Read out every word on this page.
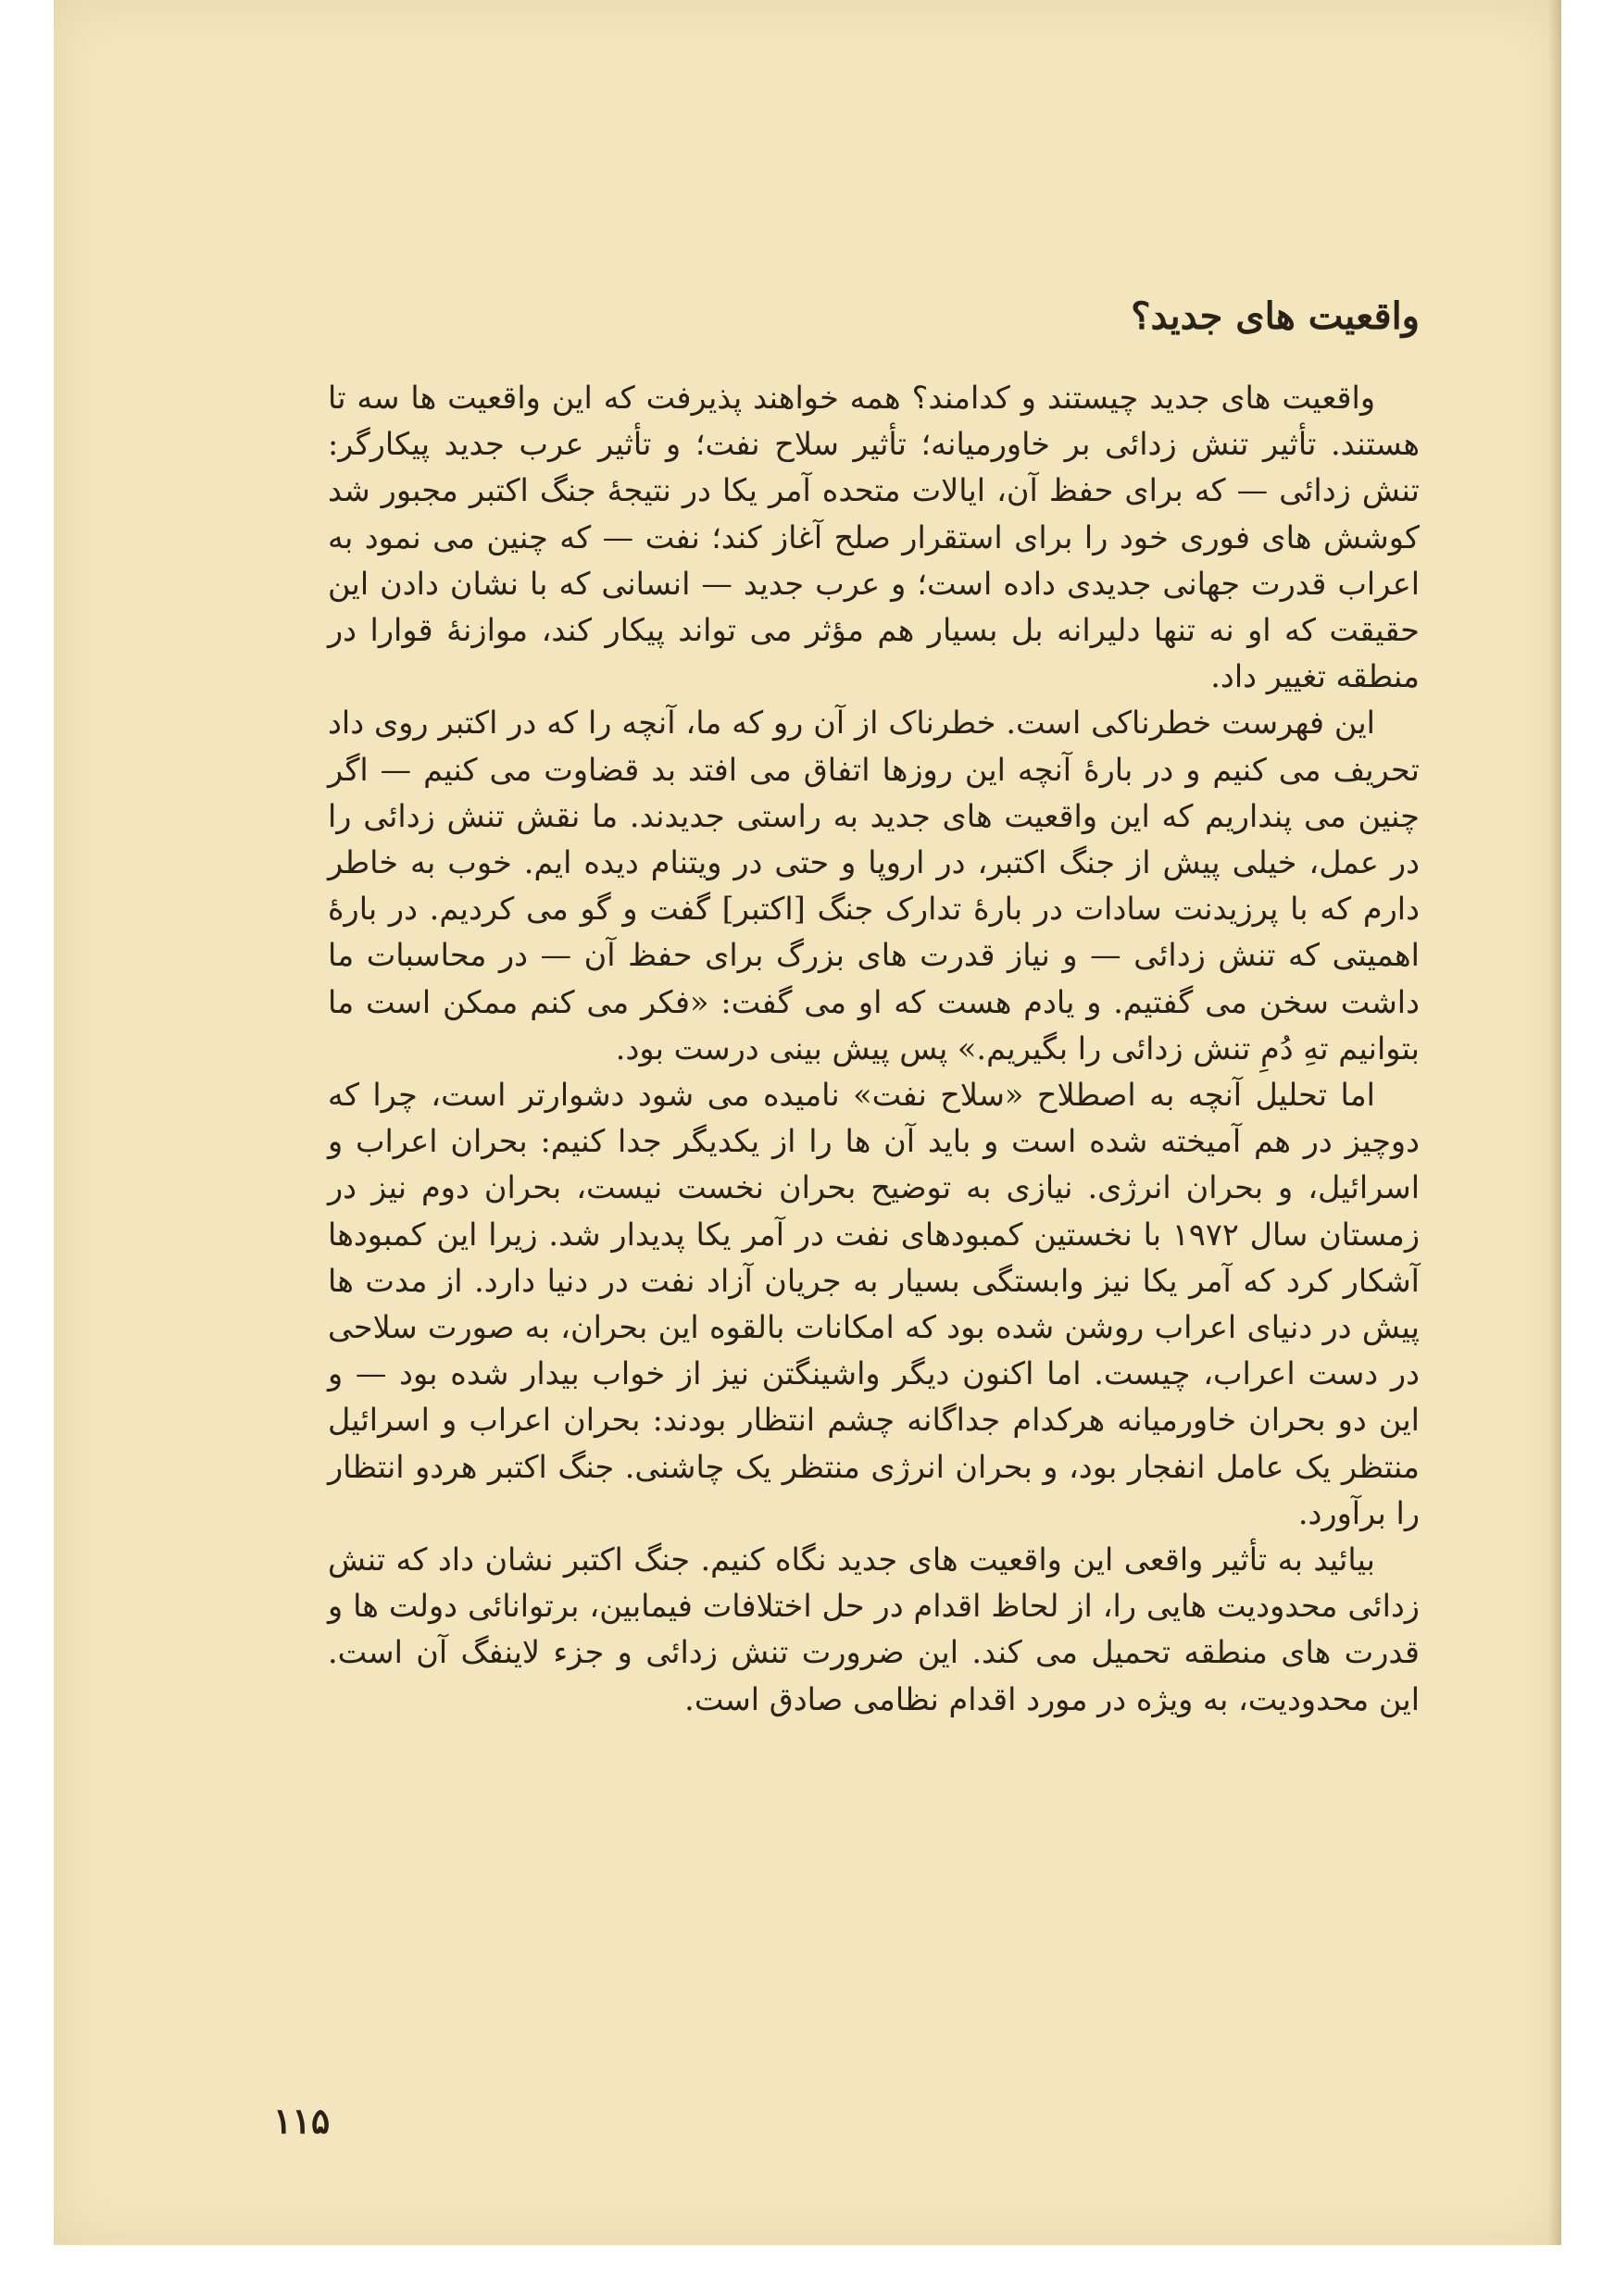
واقعیت های جدید؟

واقعیت های جدید چیستند و کدامند؟ همه خواهند پذیرفت که این واقعیت ها سه تا هستند. تأثیر تنش زدائی بر خاورمیانه؛ تأثیر سلاح نفت؛ و تأثیر عرب جدید پیکارگر: تنش زدائی — که برای حفظ آن، ایالات متحده آمر یکا در نتیجهٔ جنگ اکتبر مجبور شد کوشش های فوری خود را برای استقرار صلح آغاز کند؛ نفت — که چنین می نمود به اعراب قدرت جهانی جدیدی داده است؛ و عرب جدید — انسانی که با نشان دادن این حقیقت که او نه تنها دلیرانه بل بسیار هم مؤثر می تواند پیکار کند، موازنهٔ قوارا در منطقه تغییر داد.

این فهرست خطرناکی است. خطرناک از آن رو که ما، آنچه را که در اکتبر روی داد تحریف می کنیم و در بارهٔ آنچه این روزها اتفاق می افتد بد قضاوت می کنیم — اگر چنین می پنداریم که این واقعیت های جدید به راستی جدیدند. ما نقش تنش زدائی را در عمل، خیلی پیش از جنگ اکتبر، در اروپا و حتی در ویتنام دیده ایم. خوب به خاطر دارم که با پرزیدنت سادات در بارهٔ تدارک جنگ [اکتبر] گفت و گو می کردیم. در بارهٔ اهمیتی که تنش زدائی — و نیاز قدرت های بزرگ برای حفظ آن — در محاسبات ما داشت سخن می گفتیم. و یادم هست که او می گفت: «فکر می کنم ممکن است ما بتوانیم تهِ دُمِ تنش زدائی را بگیریم.» پس پیش بینی درست بود.

اما تحلیل آنچه به اصطلاح «سلاح نفت» نامیده می شود دشوارتر است، چرا که دوچیز در هم آمیخته شده است و باید آن ها را از یکدیگر جدا کنیم: بحران اعراب و اسرائیل، و بحران انرژی. نیازی به توضیح بحران نخست نیست، بحران دوم نیز در زمستان سال ۱۹۷۲ با نخستین کمبودهای نفت در آمر یکا پدیدار شد. زیرا این کمبودها آشکار کرد که آمر یکا نیز وابستگی بسیار به جریان آزاد نفت در دنیا دارد. از مدت ها پیش در دنیای اعراب روشن شده بود که امکانات بالقوه این بحران، به صورت سلاحی در دست اعراب، چیست. اما اکنون دیگر واشینگتن نیز از خواب بیدار شده بود — و این دو بحران خاورمیانه هرکدام جداگانه چشم انتظار بودند: بحران اعراب و اسرائیل منتظر یک عامل انفجار بود، و بحران انرژی منتظر یک چاشنی. جنگ اکتبر هردو انتظار را برآورد.

بیائید به تأثیر واقعی این واقعیت های جدید نگاه کنیم. جنگ اکتبر نشان داد که تنش زدائی محدودیت هایی را، از لحاظ اقدام در حل اختلافات فیمابین، برتوانائی دولت ها و قدرت های منطقه تحمیل می کند. این ضرورت تنش زدائی و جزء لاینفگ آن است. این محدودیت، به ویژه در مورد اقدام نظامی صادق است.

۱۱۵
